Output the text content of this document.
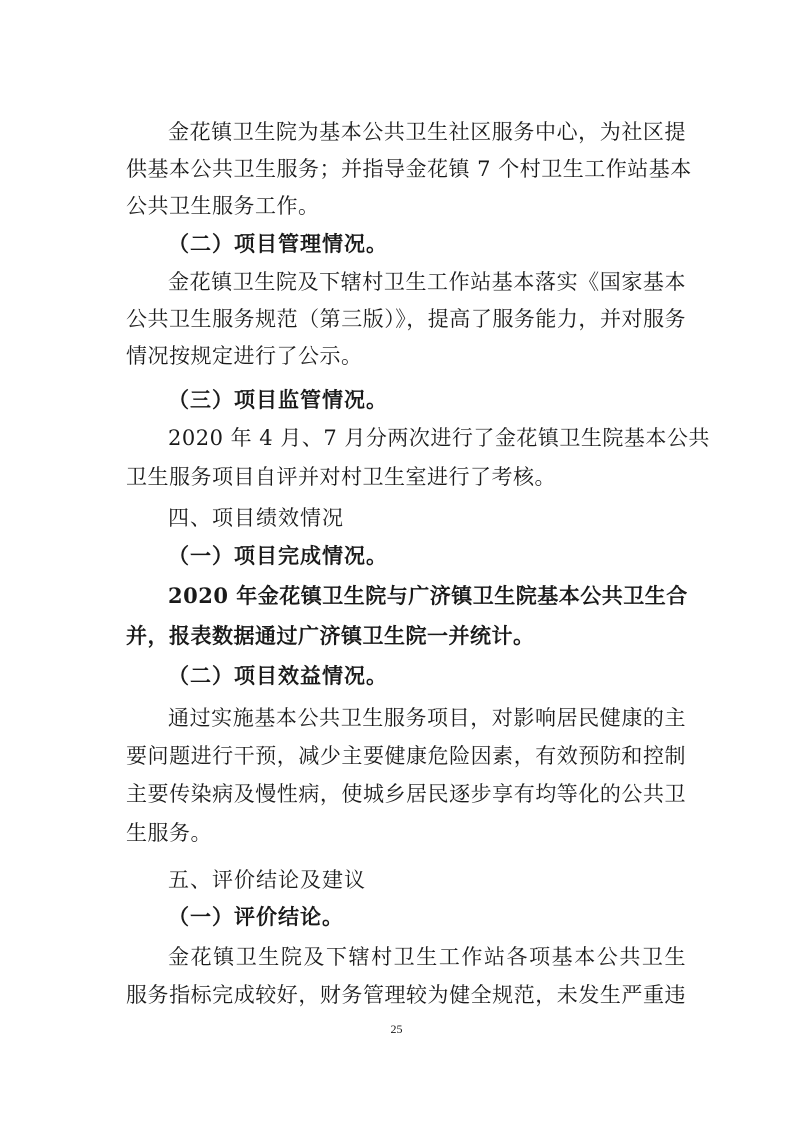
金花镇卫生院为基本公共卫生社区服务中心，为社区提
供基本公共卫生服务；并指导金花镇 7 个村卫生工作站基本
公共卫生服务工作。
（二）项目管理情况。
金花镇卫生院及下辖村卫生工作站基本落实《国家基本
公共卫生服务规范（第三版）》，提高了服务能力，并对服务
情况按规定进行了公示。
（三）项目监管情况。
2020 年 4 月、7 月分两次进行了金花镇卫生院基本公共
卫生服务项目自评并对村卫生室进行了考核。
四、项目绩效情况
（一）项目完成情况。
2020 年金花镇卫生院与广济镇卫生院基本公共卫生合
并，报表数据通过广济镇卫生院一并统计。
（二）项目效益情况。
通过实施基本公共卫生服务项目，对影响居民健康的主
要问题进行干预，减少主要健康危险因素，有效预防和控制
主要传染病及慢性病，使城乡居民逐步享有均等化的公共卫
生服务。
五、评价结论及建议
（一）评价结论。
金花镇卫生院及下辖村卫生工作站各项基本公共卫生
服务指标完成较好，财务管理较为健全规范，未发生严重违
25
